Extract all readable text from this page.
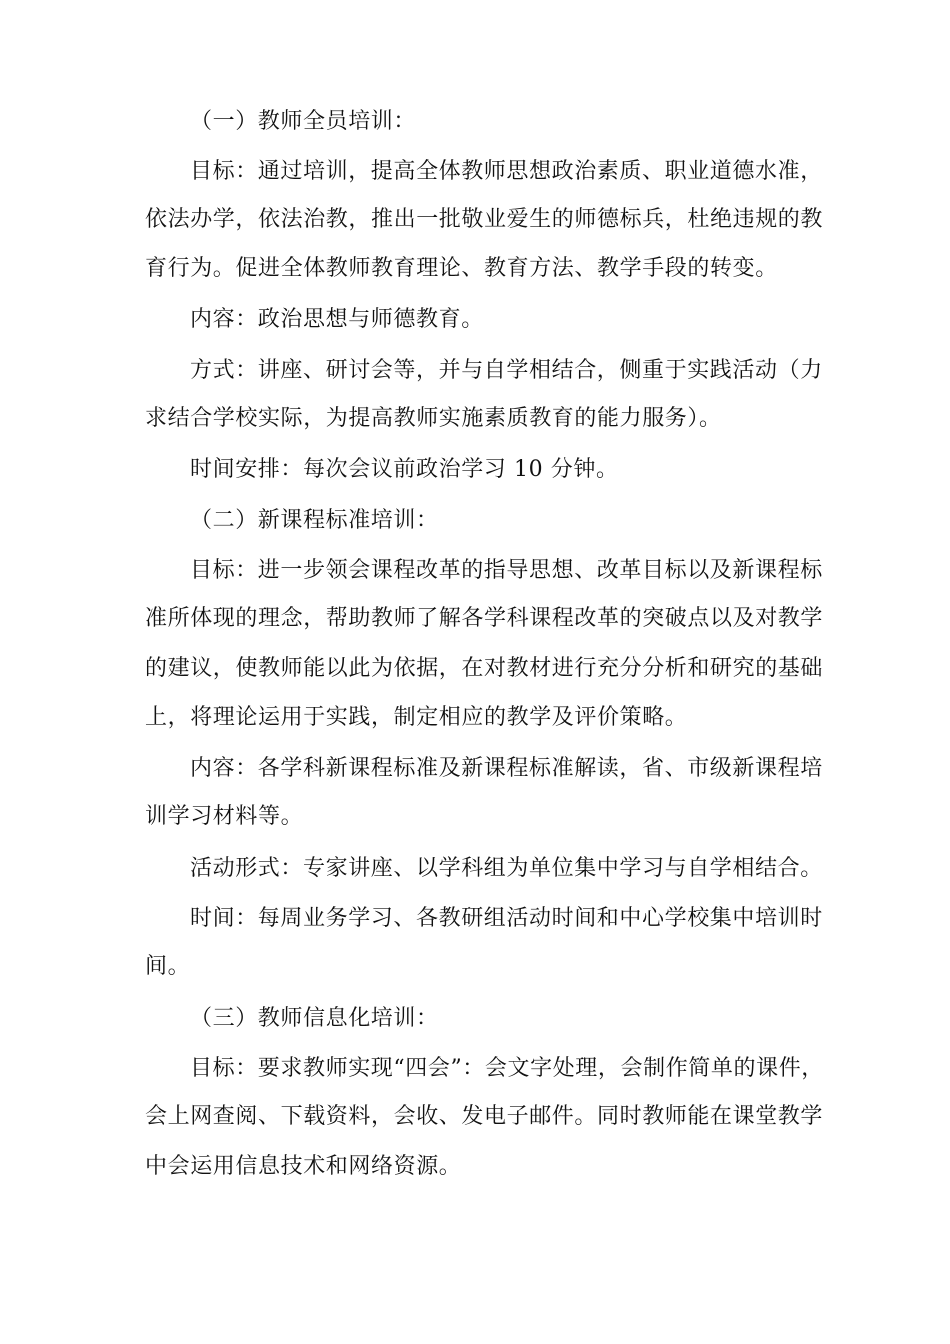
（一）教师全员培训：
目标：通过培训，提高全体教师思想政治素质、职业道德水准，
依法办学，依法治教，推出一批敬业爱生的师德标兵，杜绝违规的教
育行为。促进全体教师教育理论、教育方法、教学手段的转变。
内容：政治思想与师德教育。
方式：讲座、研讨会等，并与自学相结合，侧重于实践活动（力
求结合学校实际，为提高教师实施素质教育的能力服务）。
时间安排：每次会议前政治学习 10 分钟。
（二）新课程标准培训：
目标：进一步领会课程改革的指导思想、改革目标以及新课程标
准所体现的理念，帮助教师了解各学科课程改革的突破点以及对教学
的建议，使教师能以此为依据，在对教材进行充分分析和研究的基础
上，将理论运用于实践，制定相应的教学及评价策略。
内容：各学科新课程标准及新课程标准解读，省、市级新课程培
训学习材料等。
活动形式：专家讲座、以学科组为单位集中学习与自学相结合。
时间：每周业务学习、各教研组活动时间和中心学校集中培训时
间。
（三）教师信息化培训：
目标：要求教师实现“四会”：会文字处理，会制作简单的课件，
会上网查阅、下载资料，会收、发电子邮件。同时教师能在课堂教学
中会运用信息技术和网络资源。
